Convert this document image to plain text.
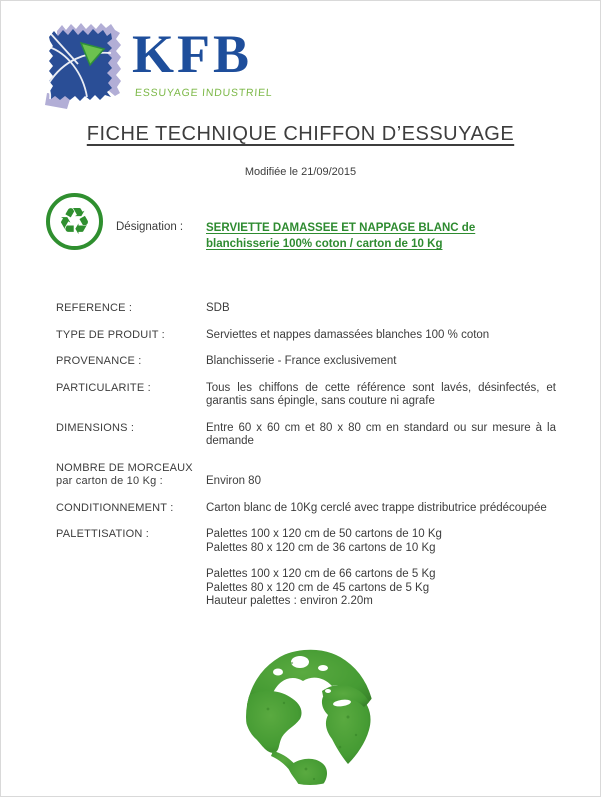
KFB
ESSUYAGE INDUSTRIEL
FICHE TECHNIQUE CHIFFON D’ESSUYAGE
Modifiée le 21/09/2015
♻ Désignation :	SERVIETTE DAMASSEE ET NAPPAGE BLANC de
blanchisserie 100% coton / carton de 10 Kg
REFERENCE :	SDB
TYPE DE PRODUIT :	Serviettes et nappes damassées blanches 100 % coton
PROVENANCE :	Blanchisserie - France exclusivement
PARTICULARITE :	Tous les chiffons de cette référence sont lavés, désinfectés, et garantis sans épingle, sans couture ni agrafe
DIMENSIONS :	Entre 60 x 60 cm et 80 x 80 cm en standard ou sur mesure à la demande
NOMBRE DE MORCEAUX
par carton de 10 Kg :	Environ 80
CONDITIONNEMENT :	Carton blanc de 10Kg cerclé avec trappe distributrice prédécoupée
PALETTISATION :	Palettes 100 x 120 cm de 50 cartons de 10 Kg
Palettes 80 x 120 cm de 36 cartons de 10 Kg
Palettes 100 x 120 cm de 66 cartons de 5 Kg
Palettes 80 x 120 cm de 45 cartons de 5 Kg
Hauteur palettes : environ 2.20m
